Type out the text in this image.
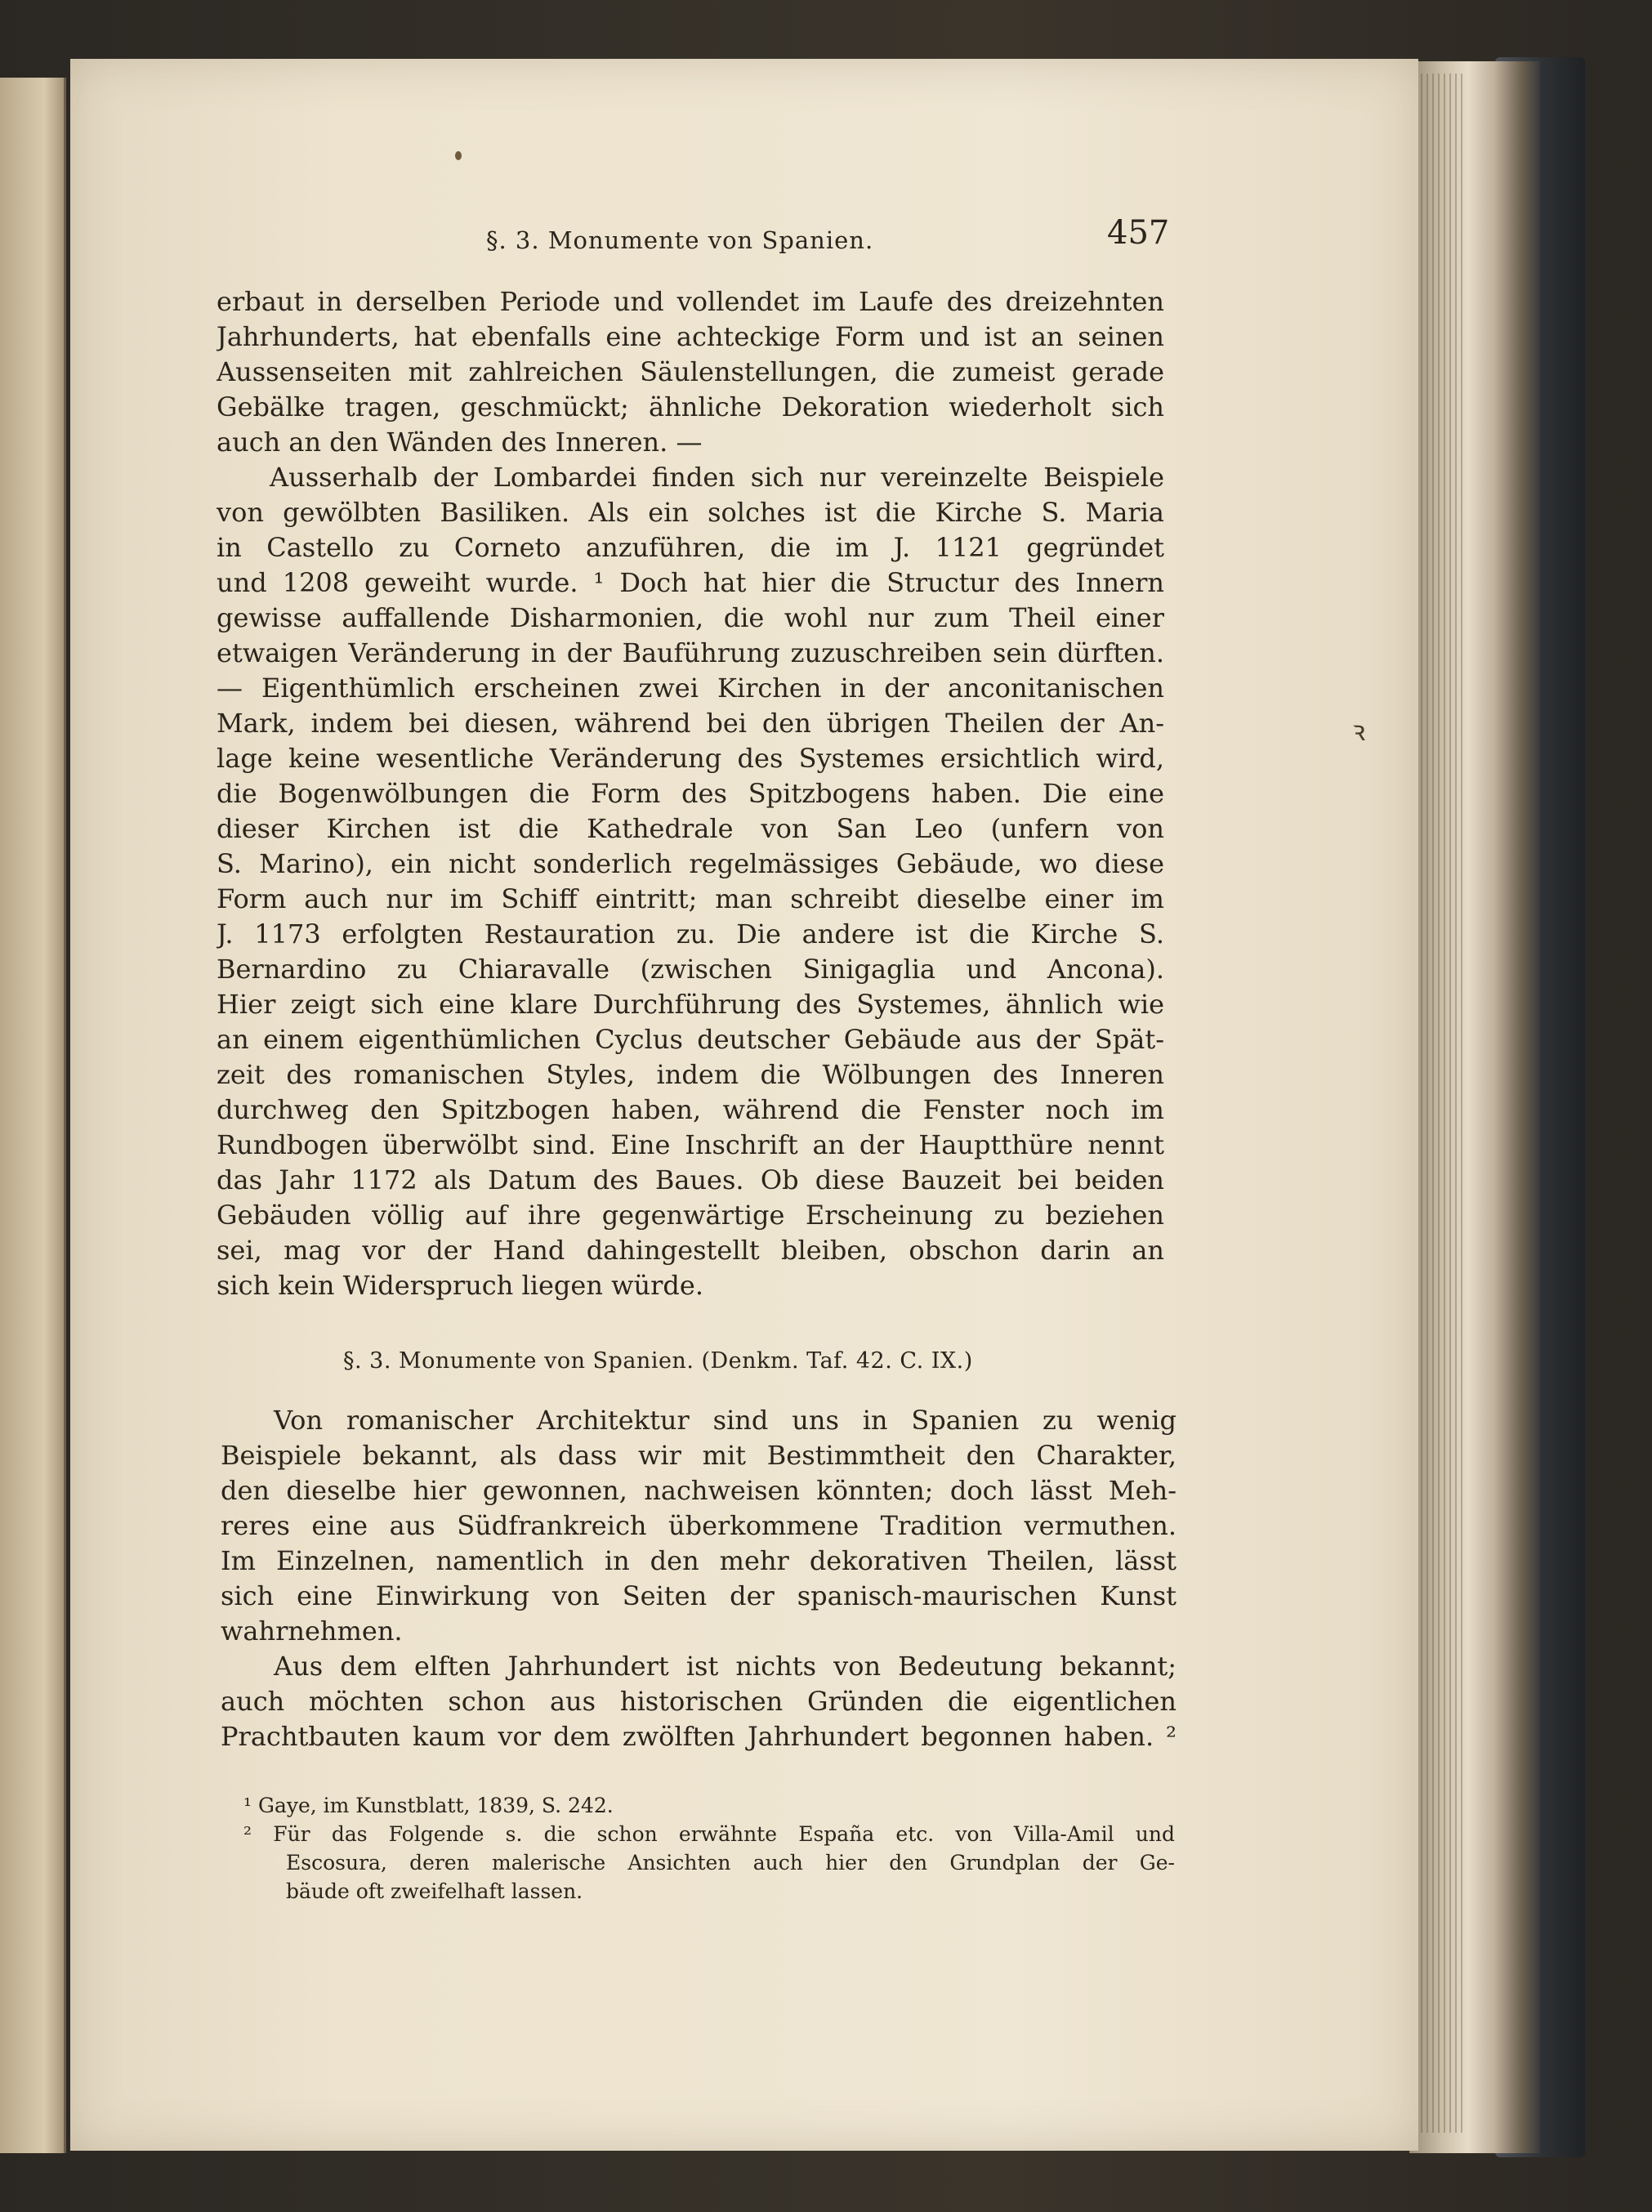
§. 3. Monumente von Spanien.	457
erbaut in derselben Periode und vollendet im Laufe des dreizehnten
Jahrhunderts, hat ebenfalls eine achteckige Form und ist an seinen
Aussenseiten mit zahlreichen Säulenstellungen, die zumeist gerade
Gebälke tragen, geschmückt; ähnliche Dekoration wiederholt sich
auch an den Wänden des Inneren. —
Ausserhalb der Lombardei finden sich nur vereinzelte Beispiele
von gewölbten Basiliken. Als ein solches ist die Kirche S. Maria
in Castello zu Corneto anzuführen, die im J. 1121 gegründet
und 1208 geweiht wurde. ¹ Doch hat hier die Structur des Innern
gewisse auffallende Disharmonien, die wohl nur zum Theil einer
etwaigen Veränderung in der Bauführung zuzuschreiben sein dürften.
— Eigenthümlich erscheinen zwei Kirchen in der anconitanischen
Mark, indem bei diesen, während bei den übrigen Theilen der An-
lage keine wesentliche Veränderung des Systemes ersichtlich wird,
die Bogenwölbungen die Form des Spitzbogens haben. Die eine
dieser Kirchen ist die Kathedrale von San Leo (unfern von
S. Marino), ein nicht sonderlich regelmässiges Gebäude, wo diese
Form auch nur im Schiff eintritt; man schreibt dieselbe einer im
J. 1173 erfolgten Restauration zu. Die andere ist die Kirche S.
Bernardino zu Chiaravalle (zwischen Sinigaglia und Ancona).
Hier zeigt sich eine klare Durchführung des Systemes, ähnlich wie
an einem eigenthümlichen Cyclus deutscher Gebäude aus der Spät-
zeit des romanischen Styles, indem die Wölbungen des Inneren
durchweg den Spitzbogen haben, während die Fenster noch im
Rundbogen überwölbt sind. Eine Inschrift an der Hauptthüre nennt
das Jahr 1172 als Datum des Baues. Ob diese Bauzeit bei beiden
Gebäuden völlig auf ihre gegenwärtige Erscheinung zu beziehen
sei, mag vor der Hand dahingestellt bleiben, obschon darin an
sich kein Widerspruch liegen würde.
§. 3. Monumente von Spanien. (Denkm. Taf. 42. C. IX.)
Von romanischer Architektur sind uns in Spanien zu wenig
Beispiele bekannt, als dass wir mit Bestimmtheit den Charakter,
den dieselbe hier gewonnen, nachweisen könnten; doch lässt Meh-
reres eine aus Südfrankreich überkommene Tradition vermuthen.
Im Einzelnen, namentlich in den mehr dekorativen Theilen, lässt
sich eine Einwirkung von Seiten der spanisch-maurischen Kunst
wahrnehmen.
Aus dem elften Jahrhundert ist nichts von Bedeutung bekannt;
auch möchten schon aus historischen Gründen die eigentlichen
Prachtbauten kaum vor dem zwölften Jahrhundert begonnen haben. ²
¹ Gaye, im Kunstblatt, 1839, S. 242.
² Für das Folgende s. die schon erwähnte España etc. von Villa-Amil und
Escosura, deren malerische Ansichten auch hier den Grundplan der Ge-
bäude oft zweifelhaft lassen.
ꝛ
